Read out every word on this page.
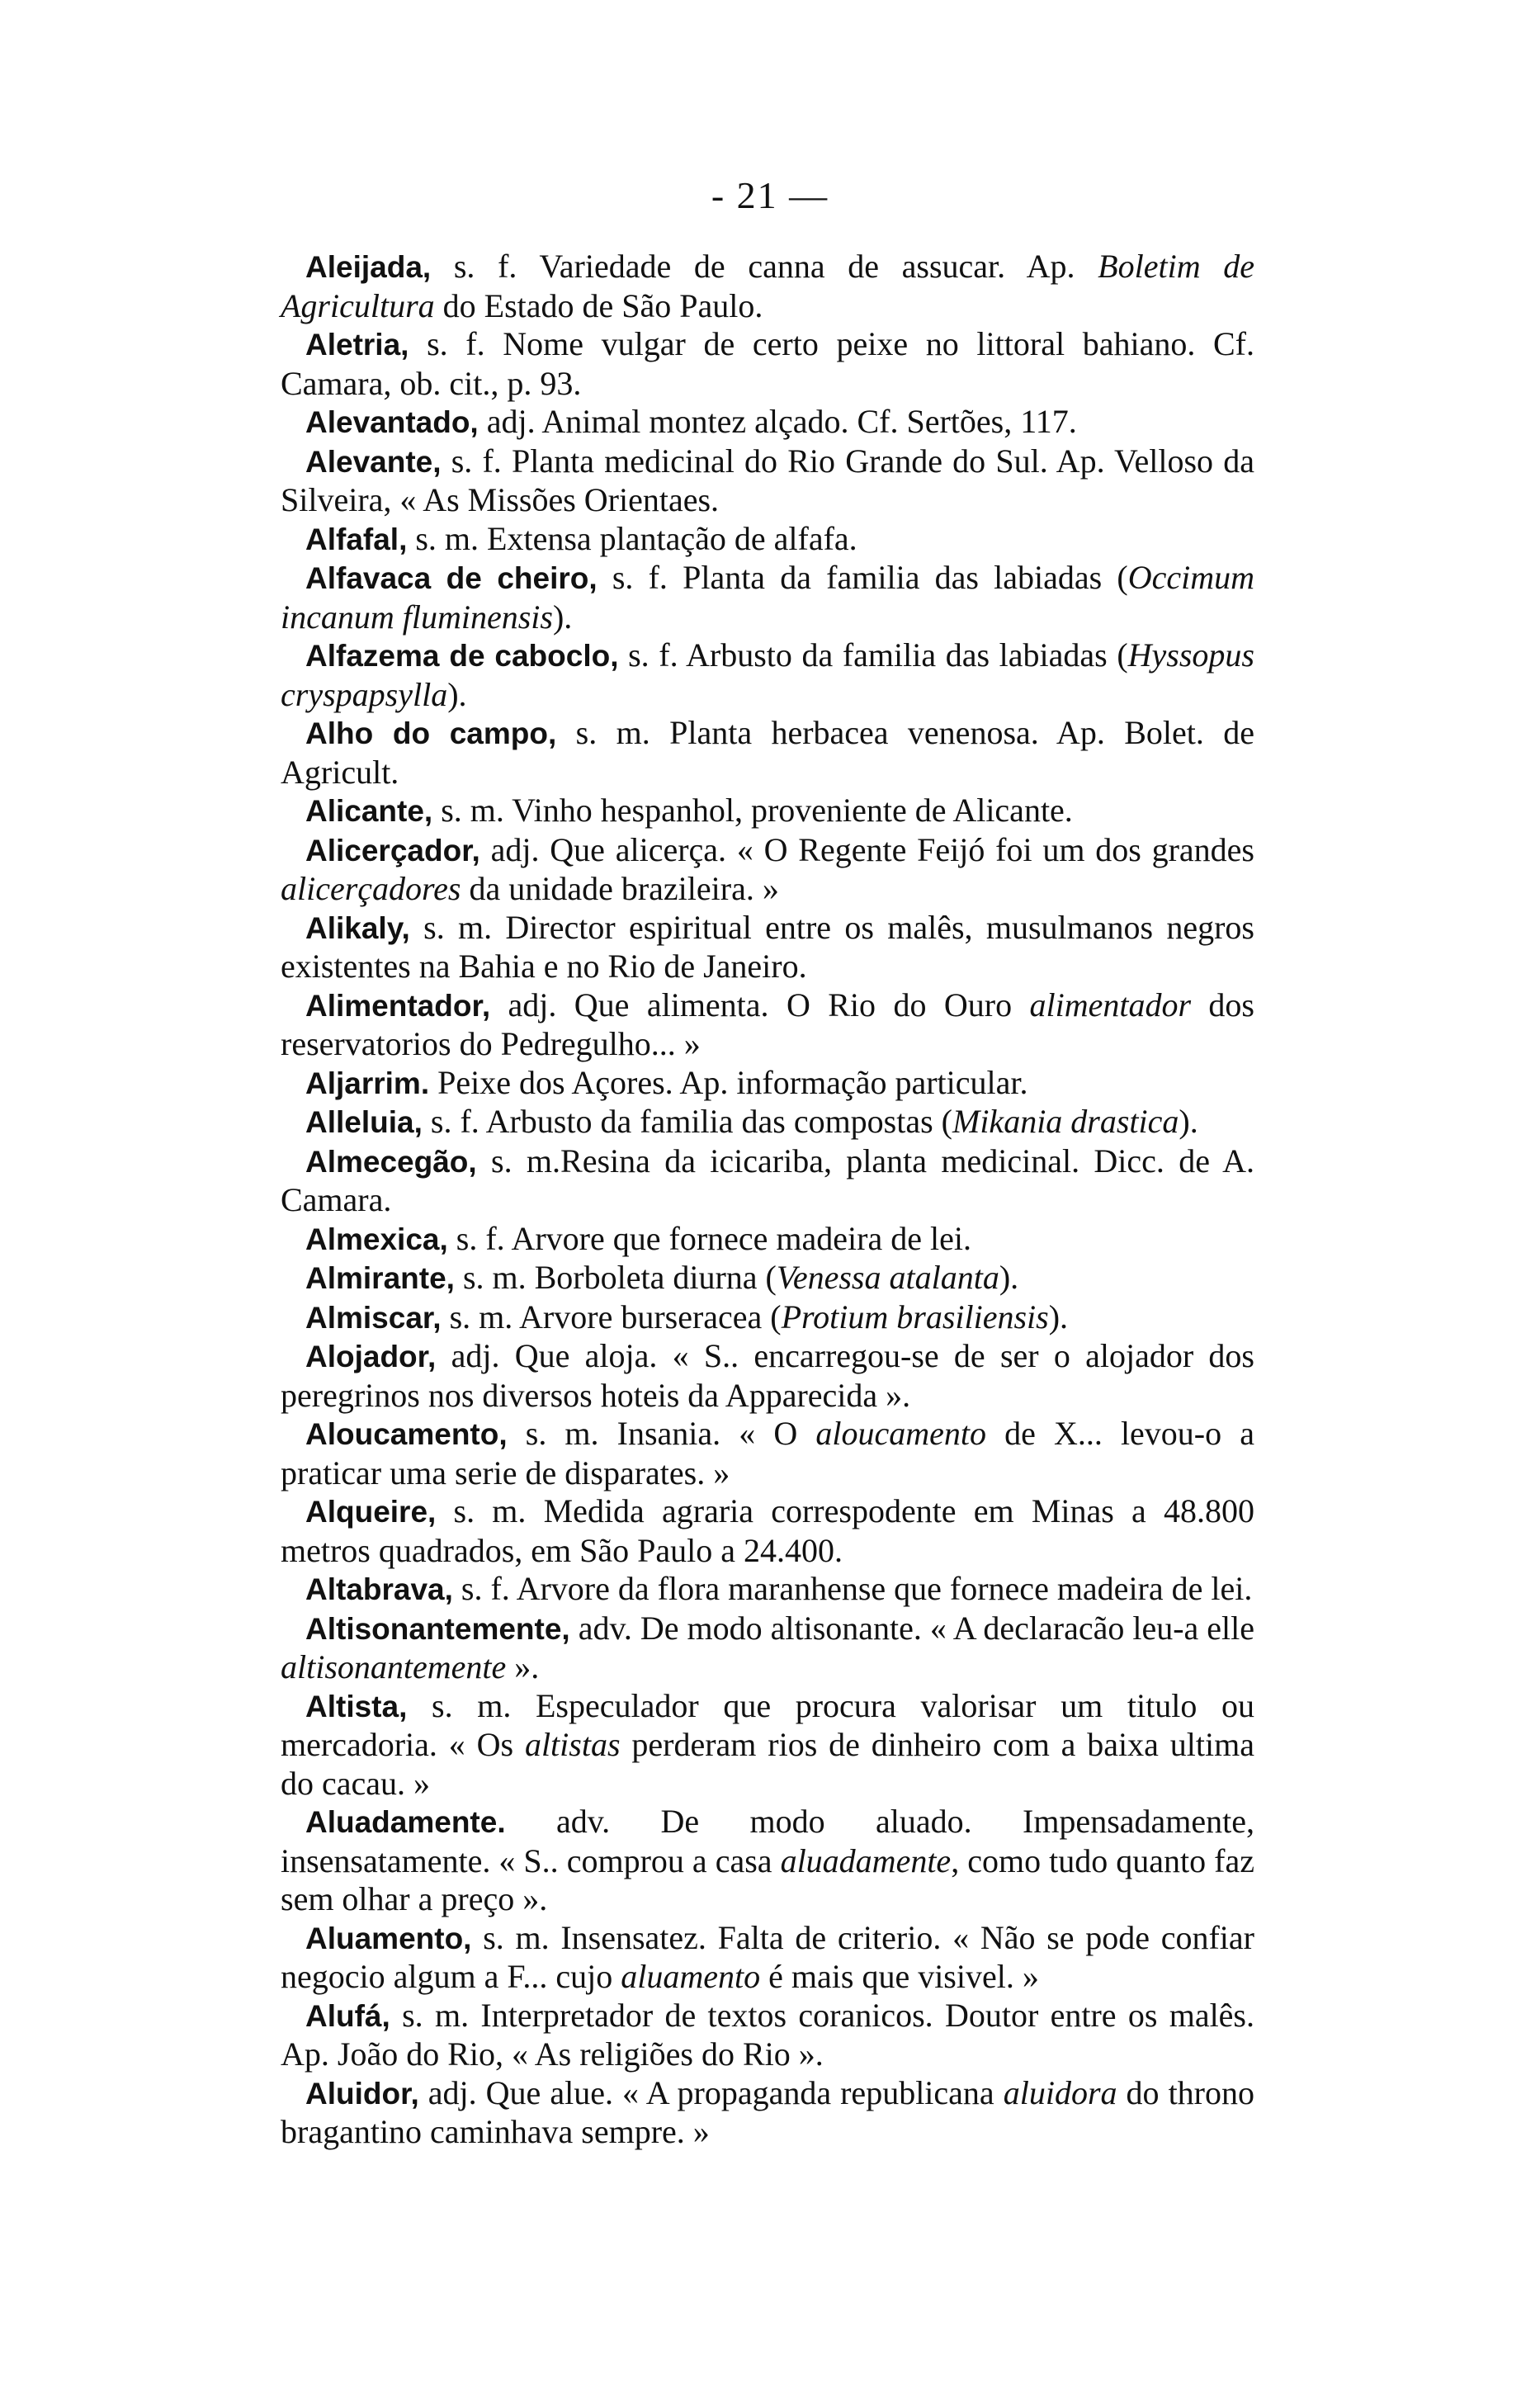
- 21 —

Aleijada, s. f. Variedade de canna de assucar. Ap. Boletim de Agricultura do Estado de São Paulo.

Aletria, s. f. Nome vulgar de certo peixe no littoral bahiano. Cf. Camara, ob. cit., p. 93.

Alevantado, adj. Animal montez alçado. Cf. Sertões, 117.

Alevante, s. f. Planta medicinal do Rio Grande do Sul. Ap. Velloso da Silveira, « As Missões Orientaes.

Alfafal, s. m. Extensa plantação de alfafa.

Alfavaca de cheiro, s. f. Planta da familia das labiadas (Occimum incanum fluminensis).

Alfazema de caboclo, s. f. Arbusto da familia das labiadas (Hyssopus cryspapsylla).

Alho do campo, s. m. Planta herbacea venenosa. Ap. Bolet. de Agricult.

Alicante, s. m. Vinho hespanhol, proveniente de Alicante.

Alicerçador, adj. Que alicerça. « O Regente Feijó foi um dos grandes alicerçadores da unidade brazileira. »

Alikaly, s. m. Director espiritual entre os malês, musulmanos negros existentes na Bahia e no Rio de Janeiro.

Alimentador, adj. Que alimenta. O Rio do Ouro alimentador dos reservatorios do Pedregulho... »

Aljarrim. Peixe dos Açores. Ap. informação particular.

Alleluia, s. f. Arbusto da familia das compostas (Mikania drastica).

Almecegão, s. m.Resina da icicariba, planta medicinal. Dicc. de A. Camara.

Almexica, s. f. Arvore que fornece madeira de lei.

Almirante, s. m. Borboleta diurna (Venessa atalanta).

Almiscar, s. m. Arvore burseracea (Protium brasiliensis).

Alojador, adj. Que aloja. « S.. encarregou-se de ser o alojador dos peregrinos nos diversos hoteis da Apparecida ».

Aloucamento, s. m. Insania. « O aloucamento de X... levou-o a praticar uma serie de disparates. »

Alqueire, s. m. Medida agraria correspodente em Minas a 48.800 metros quadrados, em São Paulo a 24.400.

Altabrava, s. f. Arvore da flora maranhense que fornece madeira de lei.

Altisonantemente, adv. De modo altisonante. « A declaracão leu-a elle altisonantemente ».

Altista, s. m. Especulador que procura valorisar um titulo ou mercadoria. « Os altistas perderam rios de dinheiro com a baixa ultima do cacau. »

Aluadamente. adv. De modo aluado. Impensadamente, insensatamente. « S.. comprou a casa aluadamente, como tudo quanto faz sem olhar a preço ».

Aluamento, s. m. Insensatez. Falta de criterio. « Não se pode confiar negocio algum a F... cujo aluamento é mais que visivel. »

Alufá, s. m. Interpretador de textos coranicos. Doutor entre os malês. Ap. João do Rio, « As religiões do Rio ».

Aluidor, adj. Que alue. « A propaganda republicana aluidora do throno bragantino caminhava sempre. »
